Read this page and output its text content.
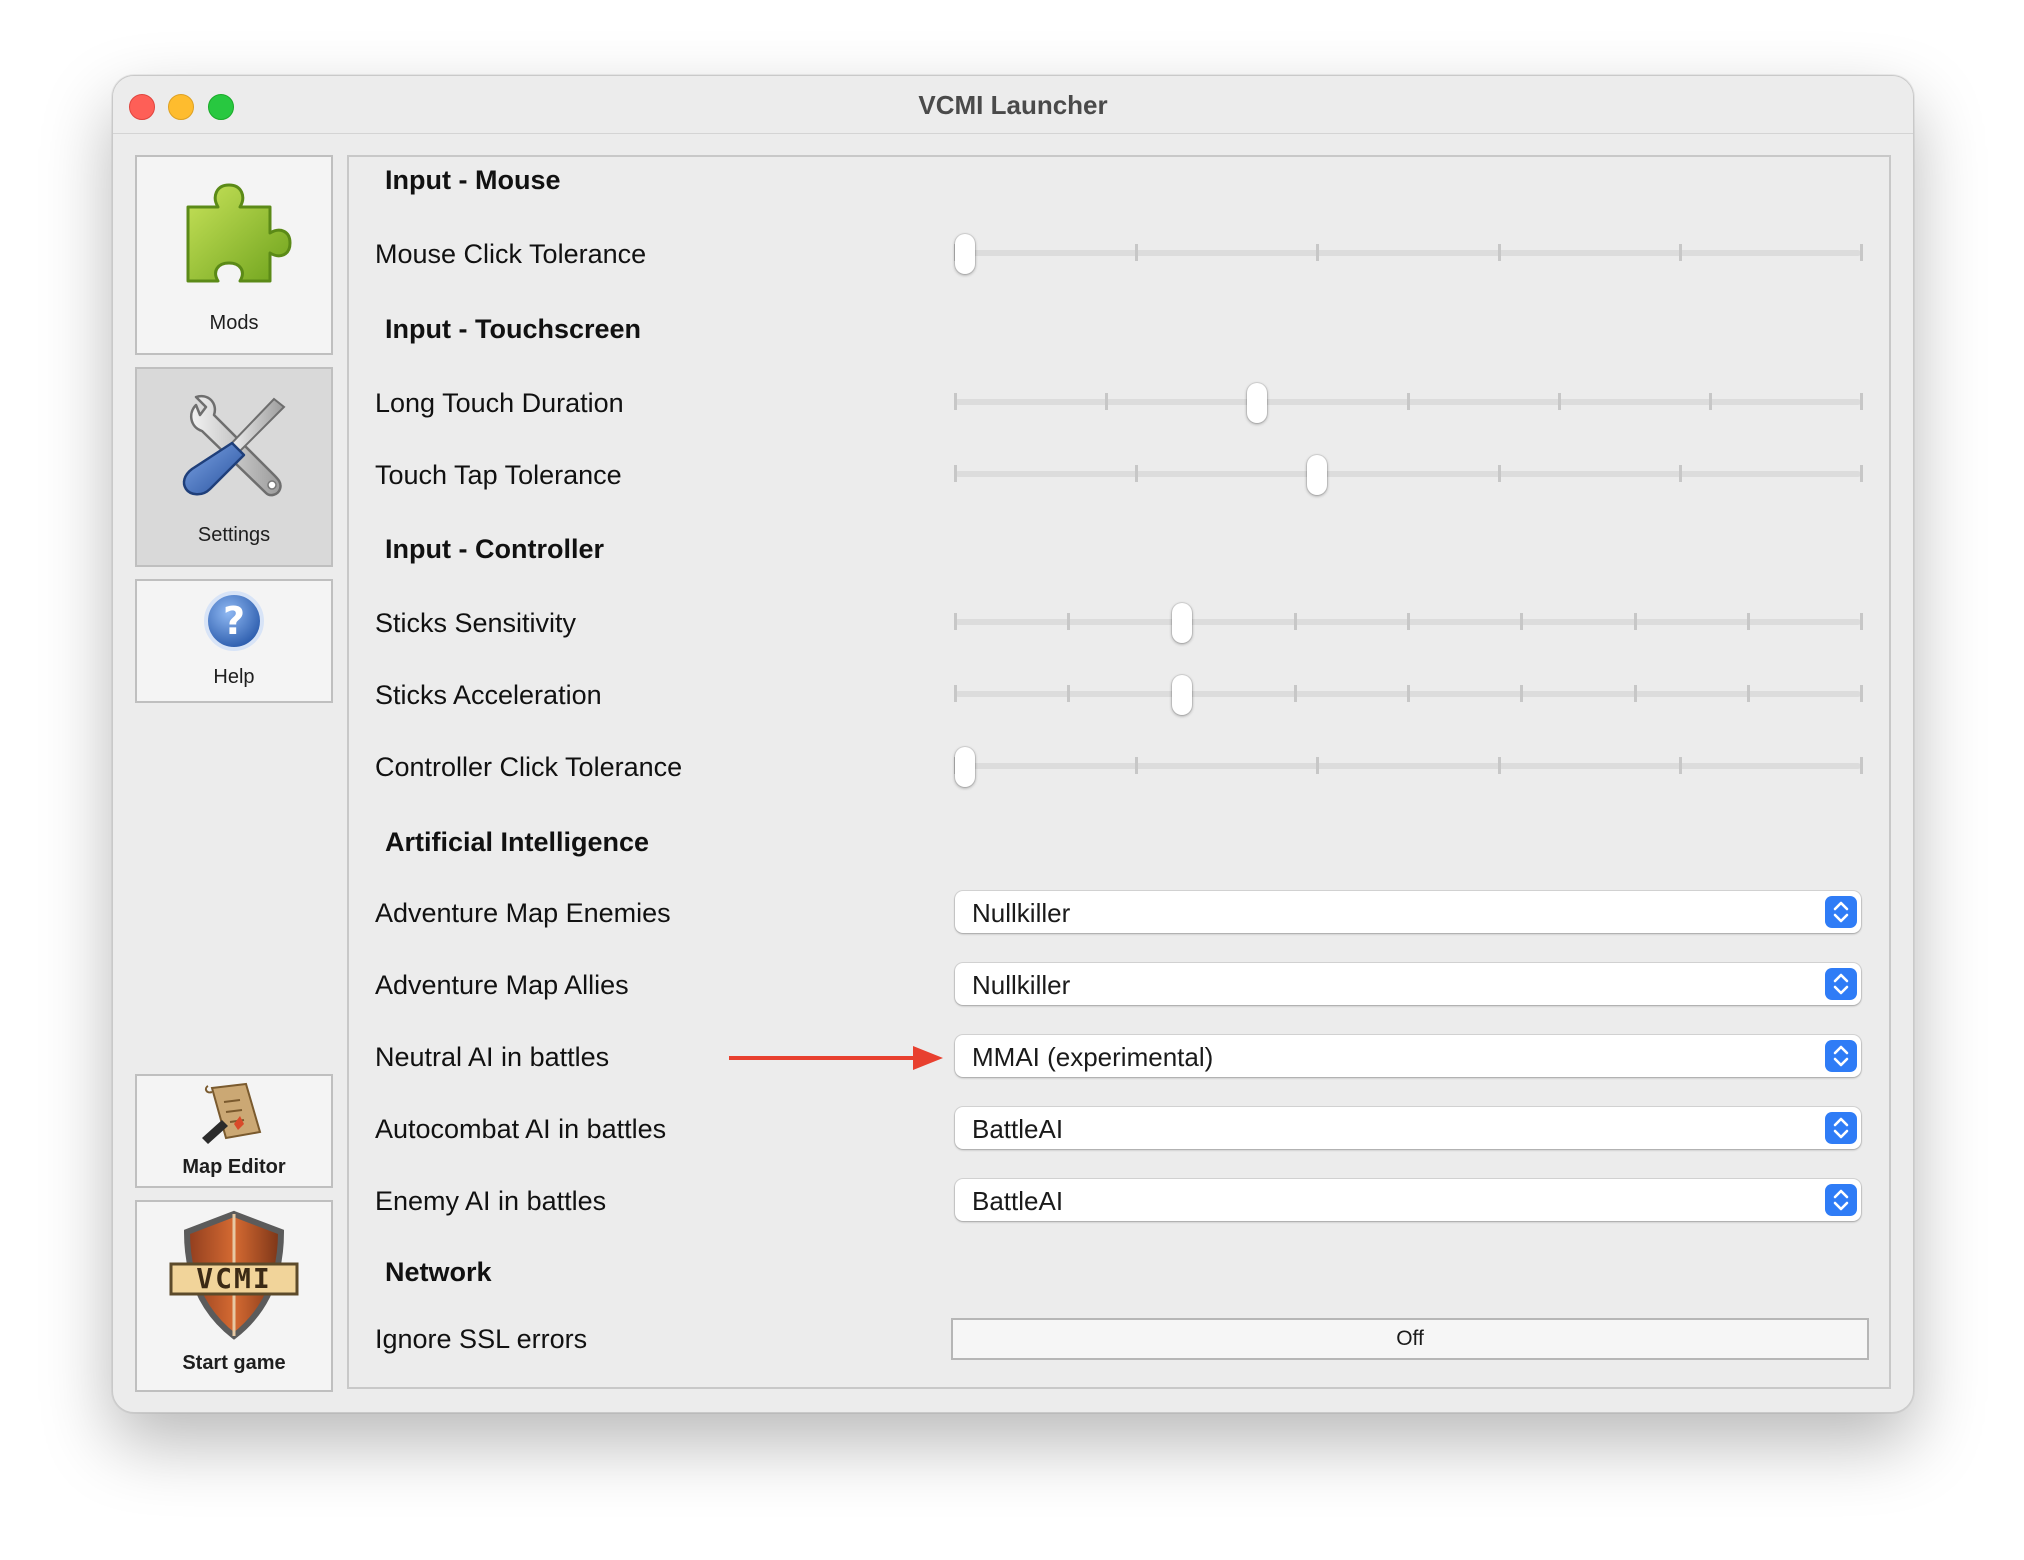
VCMI Launcher
Mods
Settings
?
Help
Map Editor
VCMI
Start game
Input - Mouse
Mouse Click Tolerance
Input - Touchscreen
Long Touch Duration
Touch Tap Tolerance
Input - Controller
Sticks Sensitivity
Sticks Acceleration
Controller Click Tolerance
Artificial Intelligence
Adventure Map Enemies	Nullkiller
Adventure Map Allies	Nullkiller
Neutral AI in battles	MMAI (experimental)
Autocombat AI in battles	BattleAI
Enemy AI in battles	BattleAI
Network
Ignore SSL errors	Off
